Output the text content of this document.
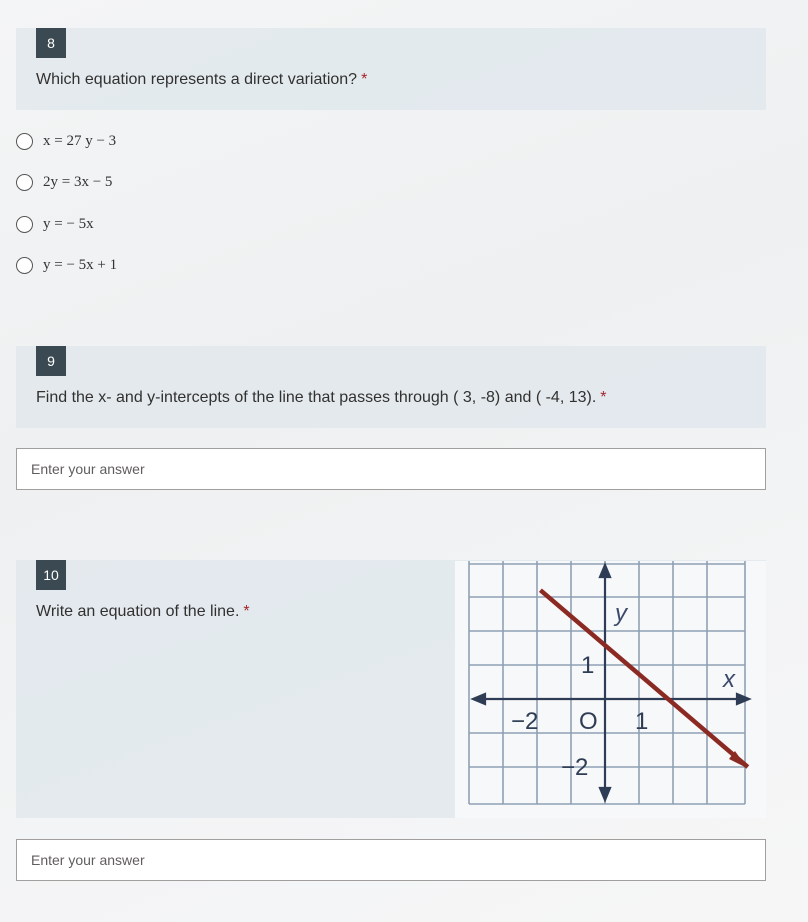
8
Which equation represents a direct variation? *
x = 27 y − 3
2y = 3x − 5
y = − 5x
y = − 5x + 1
9
Find the x- and y-intercepts of the line that passes through ( 3, -8) and ( -4, 13). *
Enter your answer
10
Write an equation of the line. *	y
x
1
−2 O 1
−2
Enter your answer
